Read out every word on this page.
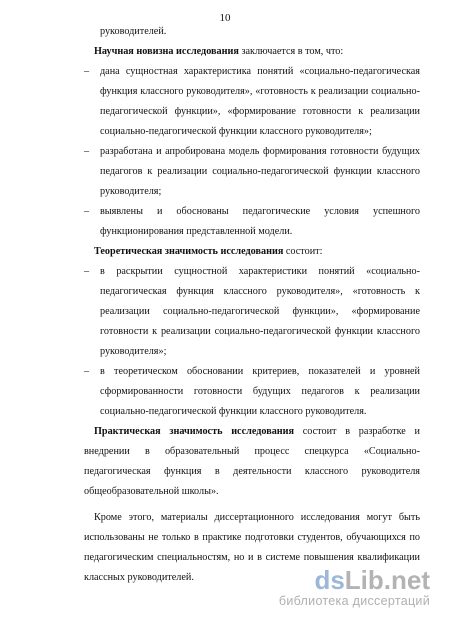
10

руководителей.

Научная новизна исследования заключается в том, что:

– дана сущностная характеристика понятий «социально-педагогическая функция классного руководителя», «готовность к реализации социально-педагогической функции», «формирование готовности к реализации социально-педагогической функции классного руководителя»;

– разработана и апробирована модель формирования готовности будущих педагогов к реализации социально-педагогической функции классного руководителя;

– выявлены и обоснованы педагогические условия успешного функционирования представленной модели.

Теоретическая значимость исследования состоит:

– в раскрытии сущностной характеристики понятий «социально-педагогическая функция классного руководителя», «готовность к реализации социально-педагогической функции», «формирование готовности к реализации социально-педагогической функции классного руководителя»;

– в теоретическом обосновании критериев, показателей и уровней сформированности готовности будущих педагогов к реализации социально-педагогической функции классного руководителя.

Практическая значимость исследования состоит в разработке и внедрении в образовательный процесс спецкурса «Социально-педагогическая функция в деятельности классного руководителя общеобразовательной школы».

Кроме этого, материалы диссертационного исследования могут быть использованы не только в практике подготовки студентов, обучающихся по педагогическим специальностям, но и в системе повышения квалификации классных руководителей.	dsLib.net
библиотека диссертаций
